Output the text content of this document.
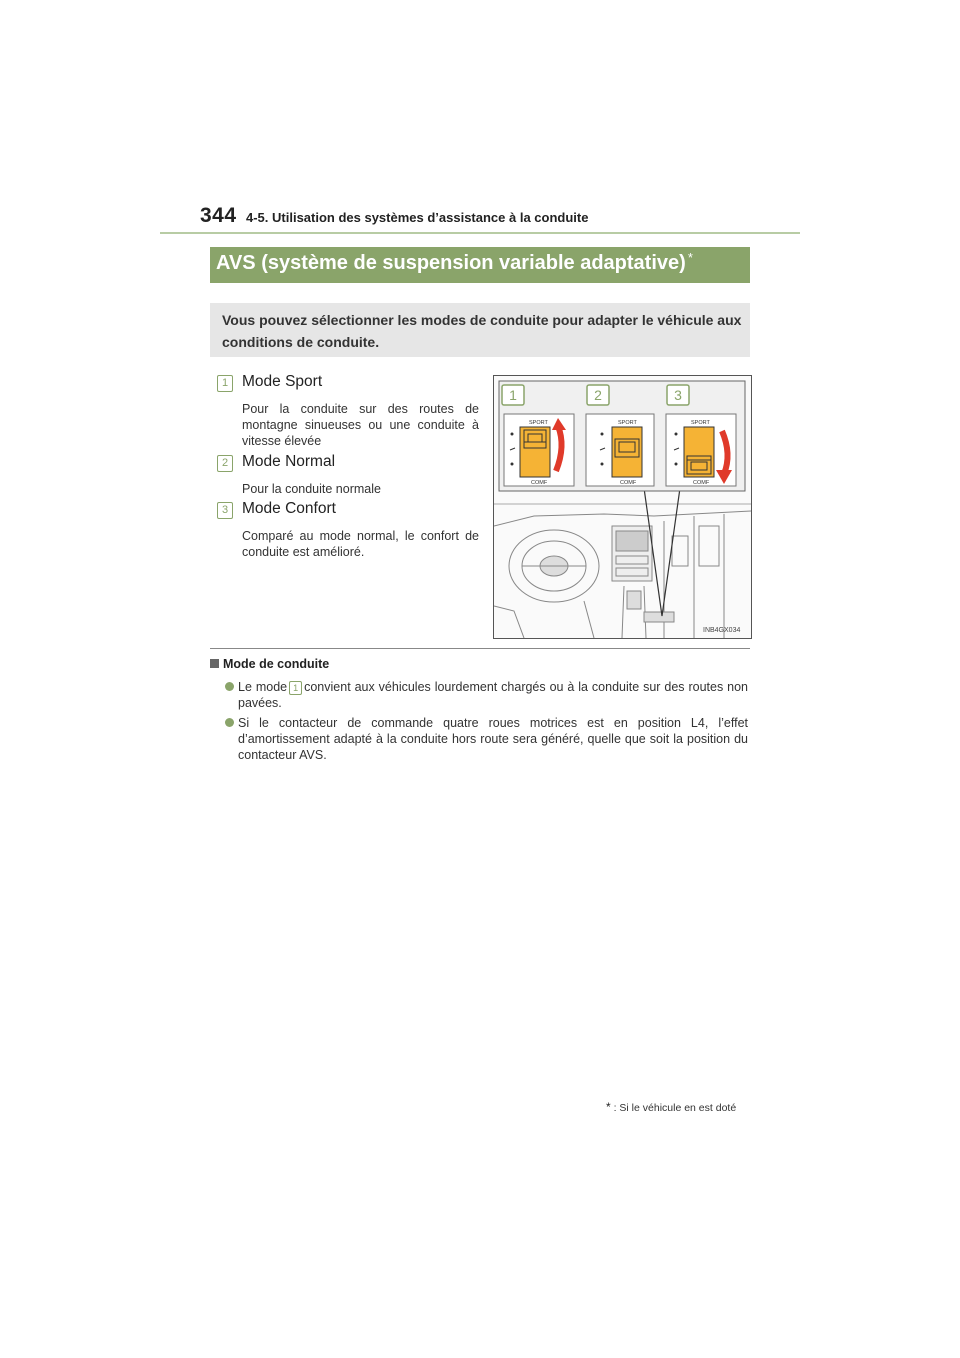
344 4-5. Utilisation des systèmes d’assistance à la conduite
AVS (système de suspension variable adaptative) *
Vous pouvez sélectionner les modes de conduite pour adapter le véhicule aux conditions de conduite.
1 Mode Sport
Pour la conduite sur des routes de montagne sinueuses ou une conduite à vitesse élevée
2 Mode Normal
Pour la conduite normale
3 Mode Confort
Comparé au mode normal, le confort de conduite est amélioré.
SPORT
COMF
SPORT
COMF
SPORT
COMF
1	2	3
INB4GX034
Mode de conduite
Le mode 1 convient aux véhicules lourdement chargés ou à la conduite sur des routes non pavées.
Si le contacteur de commande quatre roues motrices est en position L4, l’effet d’amortissement adapté à la conduite hors route sera généré, quelle que soit la position du contacteur AVS.
* : Si le véhicule en est doté
